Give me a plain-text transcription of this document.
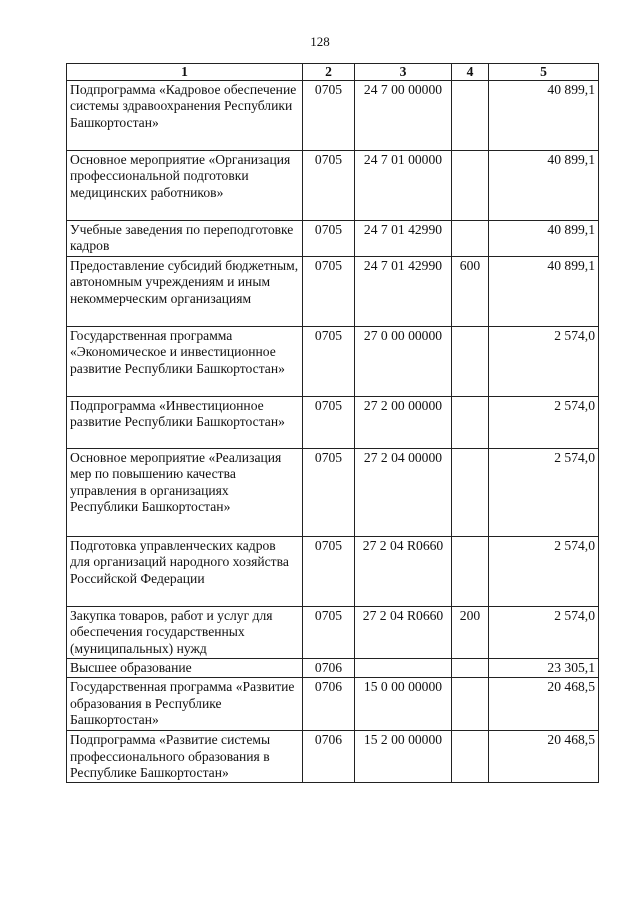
128
1	2	3	4	5
Подпрограмма «Кадровое обеспечение системы здравоохранения Республики Башкортостан»	0705	24 7 00 00000		40 899,1
Основное мероприятие «Организация профессиональной подготовки медицинских работников»	0705	24 7 01 00000		40 899,1
Учебные заведения по переподготовке кадров	0705	24 7 01 42990		40 899,1
Предоставление субсидий бюджетным, автономным учреждениям и иным некоммерческим организациям	0705	24 7 01 42990	600	40 899,1
Государственная программа «Экономическое и инвестиционное развитие Республики Башкортостан»	0705	27 0 00 00000		2 574,0
Подпрограмма «Инвестиционное развитие Республики Башкортостан»	0705	27 2 00 00000		2 574,0
Основное мероприятие «Реализация мер по повышению качества управления в организациях Республики Башкортостан»	0705	27 2 04 00000		2 574,0
Подготовка управленческих кадров для организаций народного хозяйства Российской Федерации	0705	27 2 04 R0660		2 574,0
Закупка товаров, работ и услуг для обеспечения государственных (муниципальных) нужд	0705	27 2 04 R0660	200	2 574,0
Высшее образование	0706			23 305,1
Государственная программа «Развитие образования в Республике Башкортостан»	0706	15 0 00 00000		20 468,5
Подпрограмма «Развитие системы профессионального образования в Республике Башкортостан»	0706	15 2 00 00000		20 468,5
